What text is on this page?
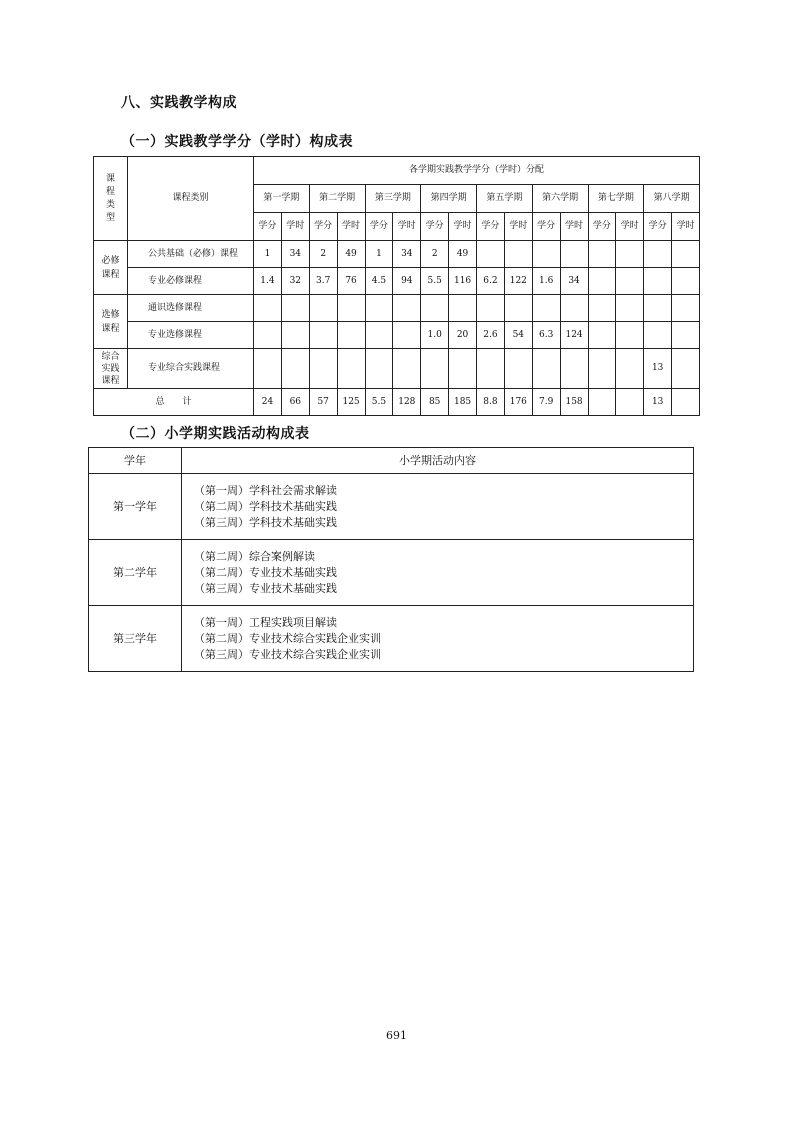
八、实践教学构成
（一）实践教学学分（学时）构成表
课程类型	课程类别	各学期实践教学学分（学时）分配															
		第一学期		第二学期		第三学期		第四学期		第五学期		第六学期		第七学期		第八学期	
		学分	学时	学分	学时	学分	学时	学分	学时	学分	学时	学分	学时	学分	学时	学分	学时
必修课程	公共基础（必修）课程	1	34	2	49	1	34	2	49								
	专业必修课程	1.4	32	3.7	76	4.5	94	5.5	116	6.2	122	1.6	34				
选修课程	通识选修课程																
	专业选修课程							1.0	20	2.6	54	6.3	124				
综合实践课程	专业综合实践课程															13	
总　　计		24	66	57	125	5.5	128	85	185	8.8	176	7.9	158			13	
（二）小学期实践活动构成表
学年	小学期活动内容
第一学年	（第一周）学科社会需求解读
（第二周）学科技术基础实践
（第三周）学科技术基础实践

第二学年	（第二周）综合案例解读
（第二周）专业技术基础实践
（第三周）专业技术基础实践

第三学年	（第一周）工程实践项目解读
（第二周）专业技术综合实践企业实训
（第三周）专业技术综合实践企业实训
691
